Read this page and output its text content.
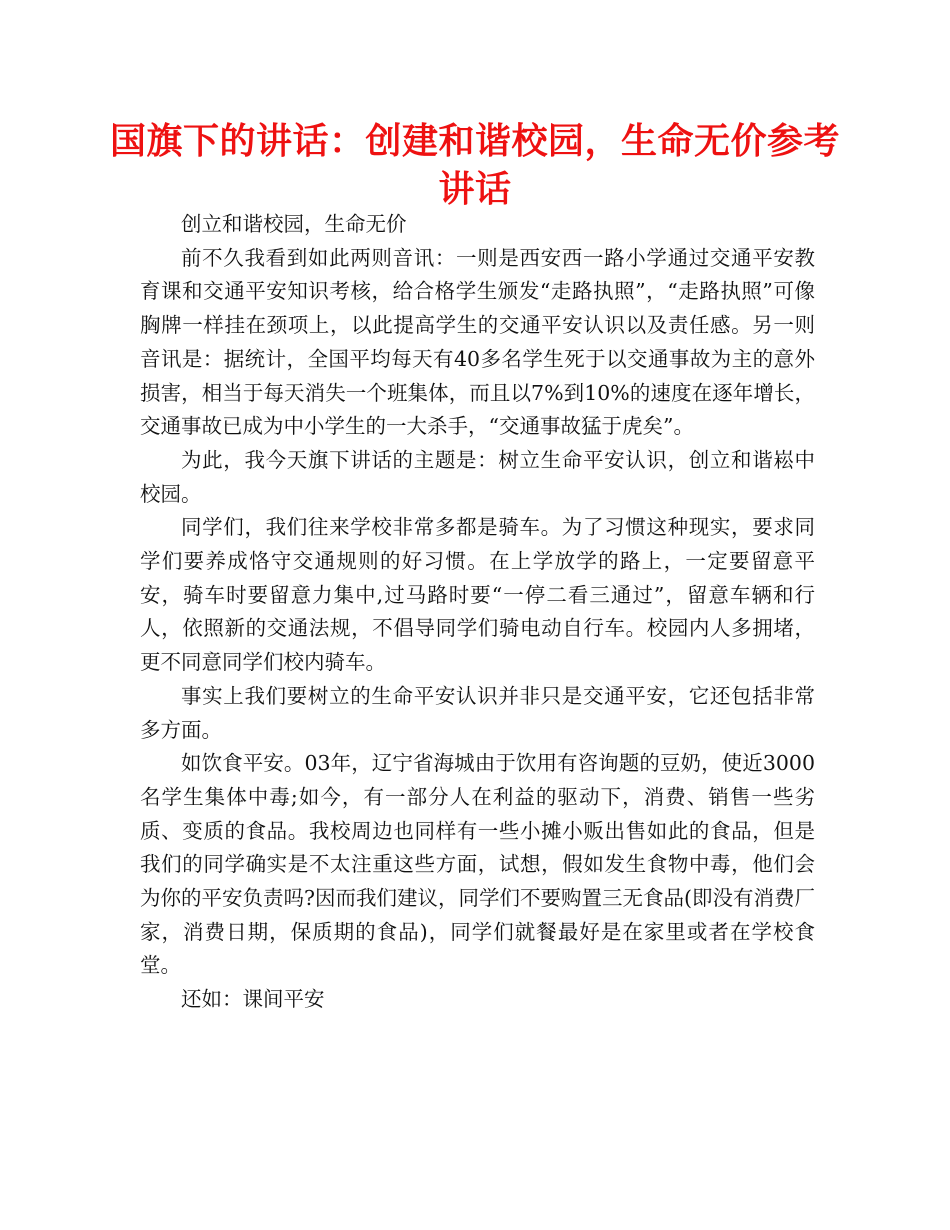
国旗下的讲话：创建和谐校园，生命无价参考讲话

创立和谐校园，生命无价

前不久我看到如此两则音讯：一则是西安西一路小学通过交通平安教育课和交通平安知识考核，给合格学生颁发“走路执照”，“走路执照”可像胸牌一样挂在颈项上，以此提高学生的交通平安认识以及责任感。另一则音讯是：据统计，全国平均每天有40多名学生死于以交通事故为主的意外损害，相当于每天消失一个班集体，而且以7%到10%的速度在逐年增长，交通事故已成为中小学生的一大杀手，“交通事故猛于虎矣”。

为此，我今天旗下讲话的主题是：树立生命平安认识，创立和谐崧中校园。

同学们，我们往来学校非常多都是骑车。为了习惯这种现实，要求同学们要养成恪守交通规则的好习惯。在上学放学的路上，一定要留意平安，骑车时要留意力集中,过马路时要“一停二看三通过”，留意车辆和行人，依照新的交通法规，不倡导同学们骑电动自行车。校园内人多拥堵，更不同意同学们校内骑车。

事实上我们要树立的生命平安认识并非只是交通平安，它还包括非常多方面。

如饮食平安。03年，辽宁省海城由于饮用有咨询题的豆奶，使近3000名学生集体中毒;如今，有一部分人在利益的驱动下，消费、销售一些劣质、变质的食品。我校周边也同样有一些小摊小贩出售如此的食品，但是我们的同学确实是不太注重这些方面，试想，假如发生食物中毒，他们会为你的平安负责吗?因而我们建议，同学们不要购置三无食品(即没有消费厂家，消费日期，保质期的食品)，同学们就餐最好是在家里或者在学校食堂。

还如：课间平安
